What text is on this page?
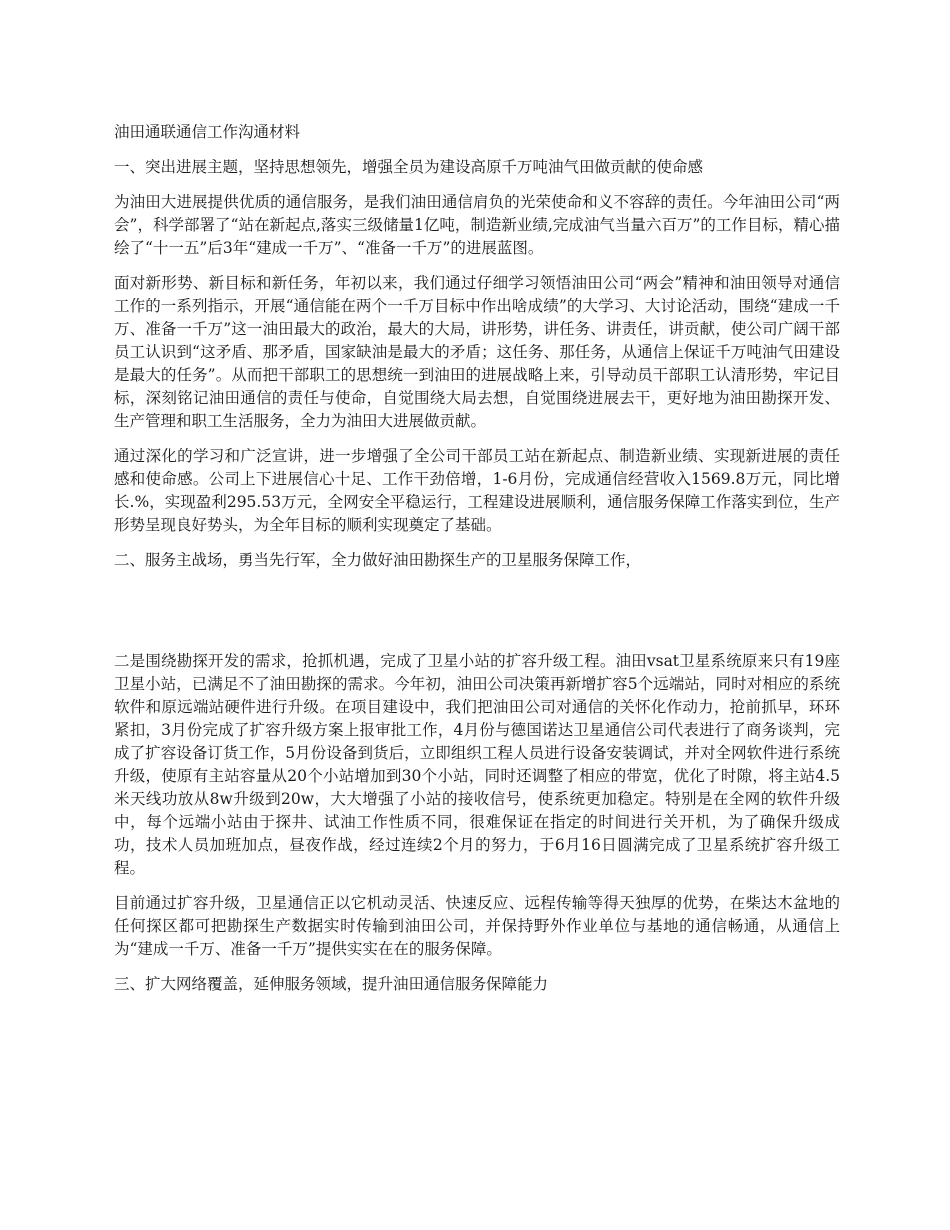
油田通联通信工作沟通材料

一、突出进展主题，坚持思想领先，增强全员为建设高原千万吨油气田做贡献的使命感

为油田大进展提供优质的通信服务，是我们油田通信肩负的光荣使命和义不容辞的责任。今年油田公司“两会”，科学部署了“站在新起点,落实三级储量1亿吨，制造新业绩,完成油气当量六百万”的工作目标，精心描绘了“十一五”后3年“建成一千万”、“准备一千万”的进展蓝图。

面对新形势、新目标和新任务，年初以来，我们通过仔细学习领悟油田公司“两会”精神和油田领导对通信工作的一系列指示，开展“通信能在两个一千万目标中作出啥成绩”的大学习、大讨论活动，围绕“建成一千万、准备一千万”这一油田最大的政治，最大的大局，讲形势，讲任务、讲责任，讲贡献，使公司广阔干部员工认识到“这矛盾、那矛盾，国家缺油是最大的矛盾；这任务、那任务，从通信上保证千万吨油气田建设是最大的任务”。从而把干部职工的思想统一到油田的进展战略上来，引导动员干部职工认清形势，牢记目标，深刻铭记油田通信的责任与使命，自觉围绕大局去想，自觉围绕进展去干，更好地为油田勘探开发、生产管理和职工生活服务，全力为油田大进展做贡献。

通过深化的学习和广泛宣讲，进一步增强了全公司干部员工站在新起点、制造新业绩、实现新进展的责任感和使命感。公司上下进展信心十足、工作干劲倍增，1-6月份，完成通信经营收入1569.8万元，同比增长.%，实现盈利295.53万元，全网安全平稳运行，工程建设进展顺利，通信服务保障工作落实到位，生产形势呈现良好势头，为全年目标的顺利实现奠定了基础。

二、服务主战场，勇当先行军，全力做好油田勘探生产的卫星服务保障工作，

二是围绕勘探开发的需求，抢抓机遇，完成了卫星小站的扩容升级工程。油田vsat卫星系统原来只有19座卫星小站，已满足不了油田勘探的需求。今年初，油田公司决策再新增扩容5个远端站，同时对相应的系统软件和原远端站硬件进行升级。在项目建设中，我们把油田公司对通信的关怀化作动力，抢前抓早，环环紧扣，3月份完成了扩容升级方案上报审批工作，4月份与德国诺达卫星通信公司代表进行了商务谈判，完成了扩容设备订货工作，5月份设备到货后，立即组织工程人员进行设备安装调试，并对全网软件进行系统升级，使原有主站容量从20个小站增加到30个小站，同时还调整了相应的带宽，优化了时隙，将主站4.5米天线功放从8w升级到20w，大大增强了小站的接收信号，使系统更加稳定。特别是在全网的软件升级中，每个远端小站由于探井、试油工作性质不同，很难保证在指定的时间进行关开机，为了确保升级成功，技术人员加班加点，昼夜作战，经过连续2个月的努力，于6月16日圆满完成了卫星系统扩容升级工程。

目前通过扩容升级，卫星通信正以它机动灵活、快速反应、远程传输等得天独厚的优势，在柴达木盆地的任何探区都可把勘探生产数据实时传输到油田公司，并保持野外作业单位与基地的通信畅通，从通信上为“建成一千万、准备一千万”提供实实在在的服务保障。

三、扩大网络覆盖，延伸服务领域，提升油田通信服务保障能力
